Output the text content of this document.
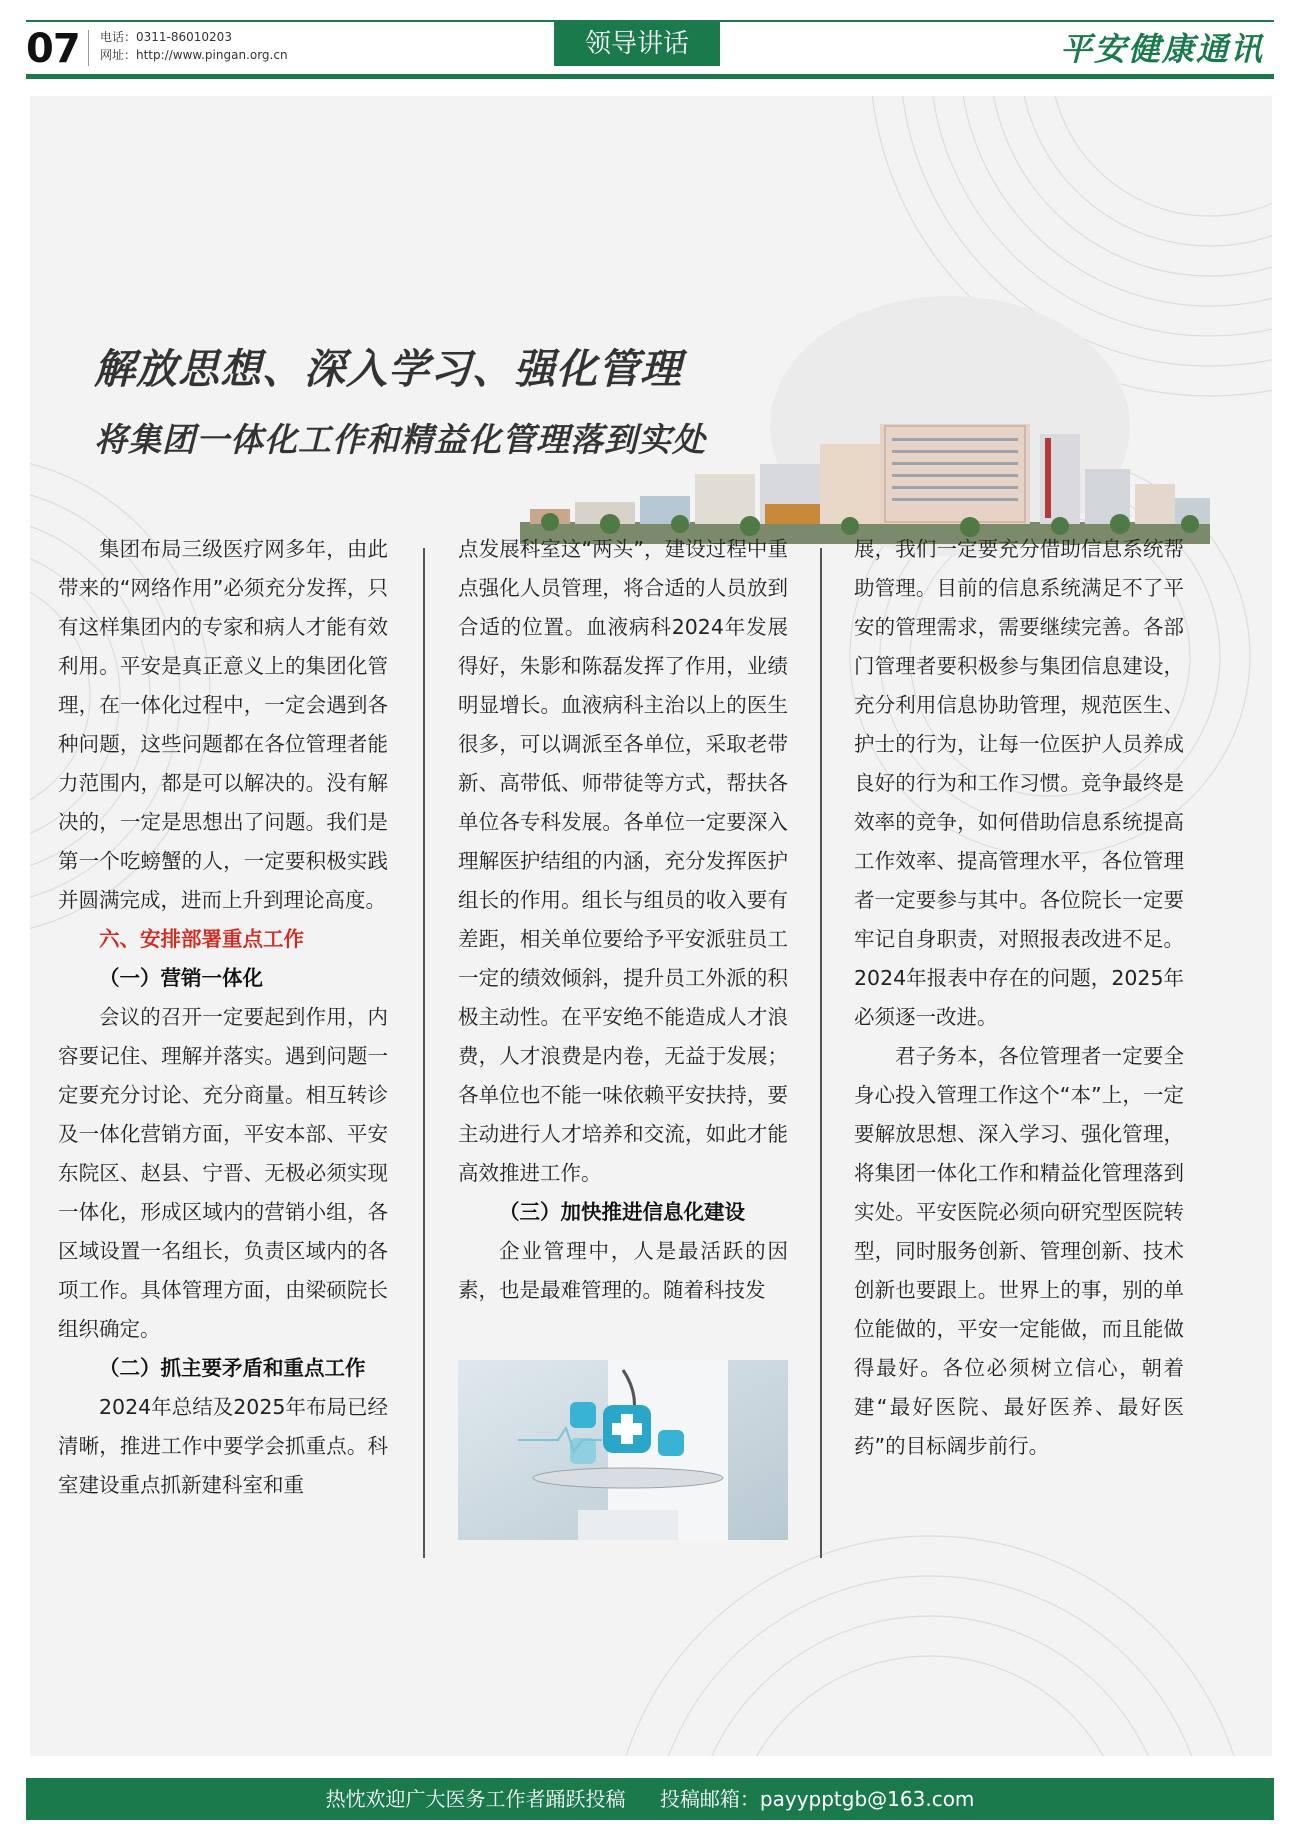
07 电话：0311-86010203
网址：http://www.pingan.org.cn	领导讲话	平安健康通讯
解放思想、深入学习、强化管理
将集团一体化工作和精益化管理落到实处

集团布局三级医疗网多年，由此带来的“网络作用”必须充分发挥，只有这样集团内的专家和病人才能有效利用。平安是真正意义上的集团化管理，在一体化过程中，一定会遇到各种问题，这些问题都在各位管理者能力范围内，都是可以解决的。没有解决的，一定是思想出了问题。我们是第一个吃螃蟹的人，一定要积极实践并圆满完成，进而上升到理论高度。

六、安排部署重点工作

（一）营销一体化

会议的召开一定要起到作用，内容要记住、理解并落实。遇到问题一定要充分讨论、充分商量。相互转诊及一体化营销方面，平安本部、平安东院区、赵县、宁晋、无极必须实现一体化，形成区域内的营销小组，各区域设置一名组长，负责区域内的各项工作。具体管理方面，由梁硕院长组织确定。

（二）抓主要矛盾和重点工作

2024年总结及2025年布局已经清晰，推进工作中要学会抓重点。科室建设重点抓新建科室和重

点发展科室这“两头”，建设过程中重点强化人员管理，将合适的人员放到合适的位置。血液病科2024年发展得好，朱影和陈磊发挥了作用，业绩明显增长。血液病科主治以上的医生很多，可以调派至各单位，采取老带新、高带低、师带徒等方式，帮扶各单位各专科发展。各单位一定要深入理解医护结组的内涵，充分发挥医护组长的作用。组长与组员的收入要有差距，相关单位要给予平安派驻员工一定的绩效倾斜，提升员工外派的积极主动性。在平安绝不能造成人才浪费，人才浪费是内卷，无益于发展；各单位也不能一味依赖平安扶持，要主动进行人才培养和交流，如此才能高效推进工作。

（三）加快推进信息化建设

企业管理中，人是最活跃的因素，也是最难管理的。随着科技发

展，我们一定要充分借助信息系统帮助管理。目前的信息系统满足不了平安的管理需求，需要继续完善。各部门管理者要积极参与集团信息建设，充分利用信息协助管理，规范医生、护士的行为，让每一位医护人员养成良好的行为和工作习惯。竞争最终是效率的竞争，如何借助信息系统提高工作效率、提高管理水平，各位管理者一定要参与其中。各位院长一定要牢记自身职责，对照报表改进不足。2024年报表中存在的问题，2025年必须逐一改进。

君子务本，各位管理者一定要全身心投入管理工作这个“本”上，一定要解放思想、深入学习、强化管理，将集团一体化工作和精益化管理落到实处。平安医院必须向研究型医院转型，同时服务创新、管理创新、技术创新也要跟上。世界上的事，别的单位能做的，平安一定能做，而且能做得最好。各位必须树立信心，朝着建“最好医院、最好医养、最好医药”的目标阔步前行。

热忱欢迎广大医务工作者踊跃投稿 投稿邮箱：payypptgb@163.com
